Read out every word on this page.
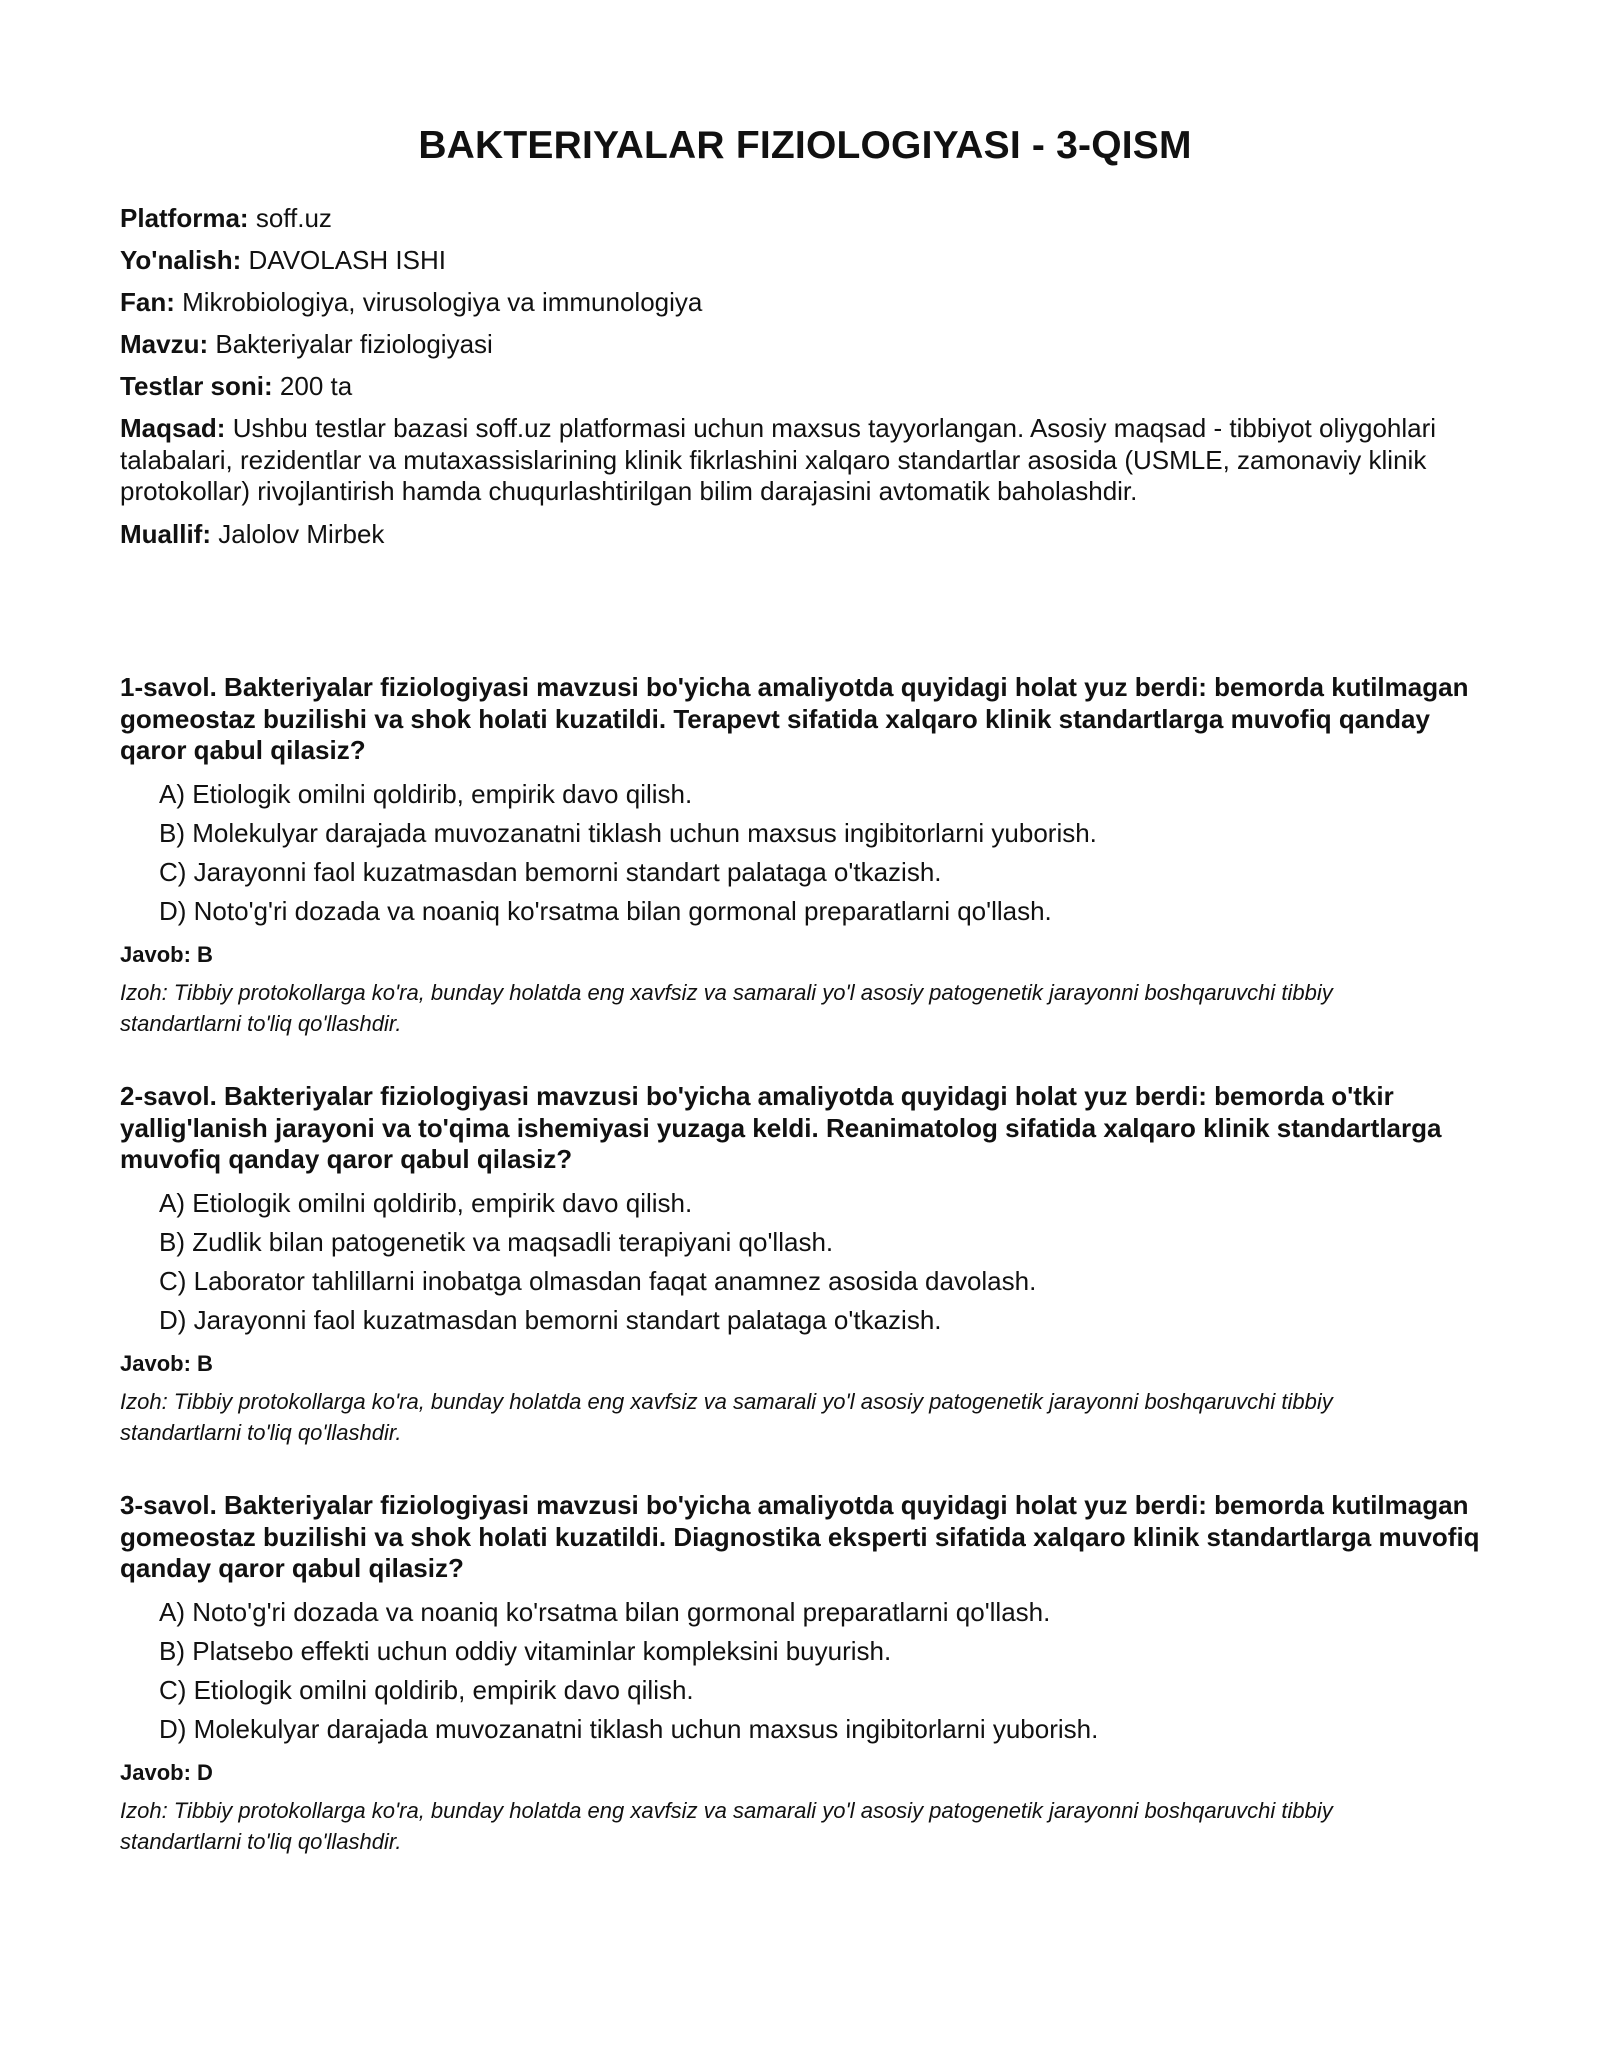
BAKTERIYALAR FIZIOLOGIYASI - 3-QISM

Platforma: soff.uz

Yo'nalish: DAVOLASH ISHI

Fan: Mikrobiologiya, virusologiya va immunologiya

Mavzu: Bakteriyalar fiziologiyasi

Testlar soni: 200 ta

Maqsad: Ushbu testlar bazasi soff.uz platformasi uchun maxsus tayyorlangan. Asosiy maqsad - tibbiyot oliygohlari talabalari, rezidentlar va mutaxassislarining klinik fikrlashini xalqaro standartlar asosida (USMLE, zamonaviy klinik protokollar) rivojlantirish hamda chuqurlashtirilgan bilim darajasini avtomatik baholashdir.

Muallif: Jalolov Mirbek

1-savol. Bakteriyalar fiziologiyasi mavzusi bo'yicha amaliyotda quyidagi holat yuz berdi: bemorda kutilmagan gomeostaz buzilishi va shok holati kuzatildi. Terapevt sifatida xalqaro klinik standartlarga muvofiq qanday qaror qabul qilasiz?

A) Etiologik omilni qoldirib, empirik davo qilish.
B) Molekulyar darajada muvozanatni tiklash uchun maxsus ingibitorlarni yuborish.
C) Jarayonni faol kuzatmasdan bemorni standart palataga o'tkazish.
D) Noto'g'ri dozada va noaniq ko'rsatma bilan gormonal preparatlarni qo'llash.

Javob: B

Izoh: Tibbiy protokollarga ko'ra, bunday holatda eng xavfsiz va samarali yo'l asosiy patogenetik jarayonni boshqaruvchi tibbiy standartlarni to'liq qo'llashdir.

2-savol. Bakteriyalar fiziologiyasi mavzusi bo'yicha amaliyotda quyidagi holat yuz berdi: bemorda o'tkir yallig'lanish jarayoni va to'qima ishemiyasi yuzaga keldi. Reanimatolog sifatida xalqaro klinik standartlarga muvofiq qanday qaror qabul qilasiz?

A) Etiologik omilni qoldirib, empirik davo qilish.
B) Zudlik bilan patogenetik va maqsadli terapiyani qo'llash.
C) Laborator tahlillarni inobatga olmasdan faqat anamnez asosida davolash.
D) Jarayonni faol kuzatmasdan bemorni standart palataga o'tkazish.

Javob: B

Izoh: Tibbiy protokollarga ko'ra, bunday holatda eng xavfsiz va samarali yo'l asosiy patogenetik jarayonni boshqaruvchi tibbiy standartlarni to'liq qo'llashdir.

3-savol. Bakteriyalar fiziologiyasi mavzusi bo'yicha amaliyotda quyidagi holat yuz berdi: bemorda kutilmagan gomeostaz buzilishi va shok holati kuzatildi. Diagnostika eksperti sifatida xalqaro klinik standartlarga muvofiq qanday qaror qabul qilasiz?

A) Noto'g'ri dozada va noaniq ko'rsatma bilan gormonal preparatlarni qo'llash.
B) Platsebo effekti uchun oddiy vitaminlar kompleksini buyurish.
C) Etiologik omilni qoldirib, empirik davo qilish.
D) Molekulyar darajada muvozanatni tiklash uchun maxsus ingibitorlarni yuborish.

Javob: D

Izoh: Tibbiy protokollarga ko'ra, bunday holatda eng xavfsiz va samarali yo'l asosiy patogenetik jarayonni boshqaruvchi tibbiy standartlarni to'liq qo'llashdir.
